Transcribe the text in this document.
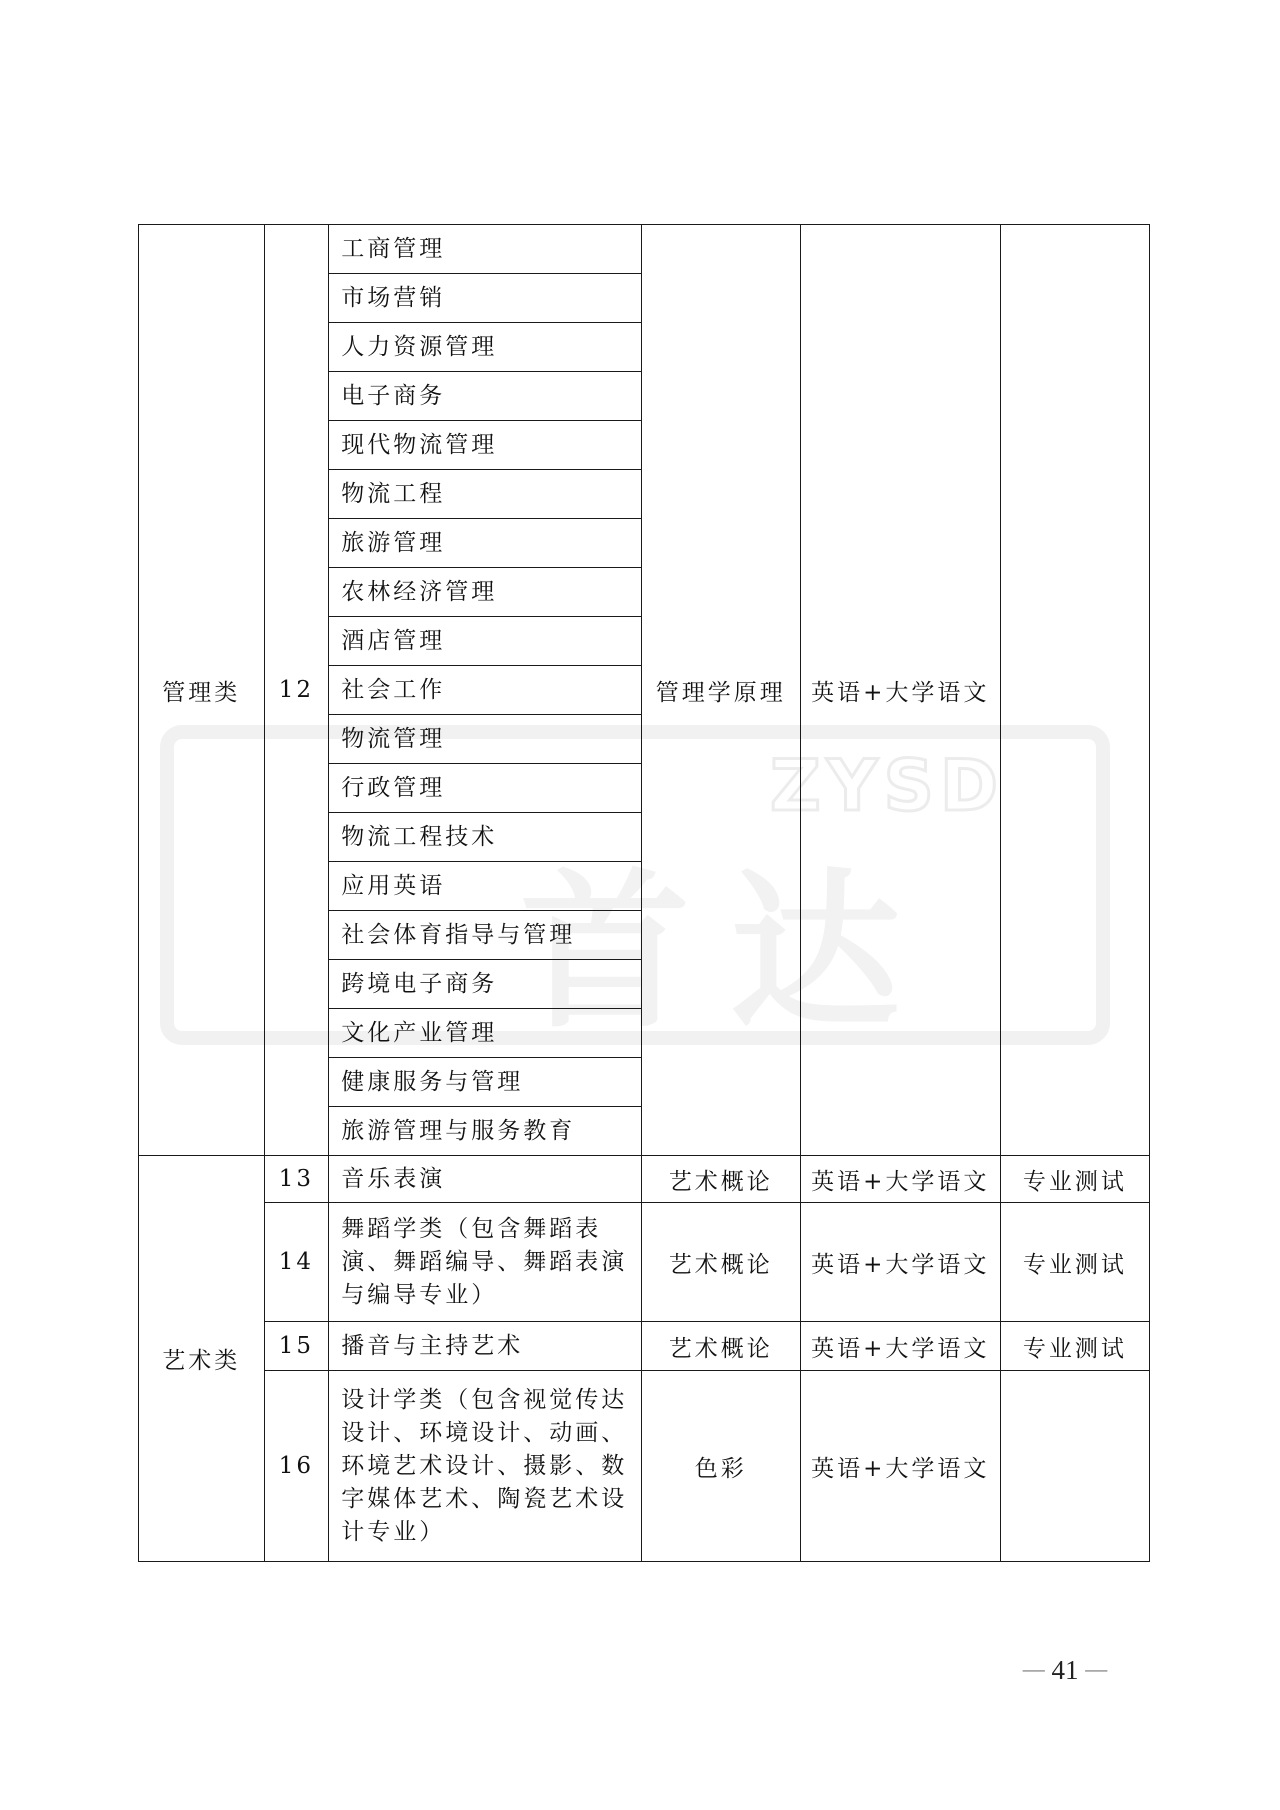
ZYSD
首达
管理类	12	工商管理	管理学原理	英语+大学语文	
		市场营销			
		人力资源管理			
		电子商务			
		现代物流管理			
		物流工程			
		旅游管理			
		农林经济管理			
		酒店管理			
		社会工作			
		物流管理			
		行政管理			
		物流工程技术			
		应用英语			
		社会体育指导与管理			
		跨境电子商务			
		文化产业管理			
		健康服务与管理			
		旅游管理与服务教育			
艺术类	13	音乐表演	艺术概论	英语+大学语文	专业测试
	14	舞蹈学类（包含舞蹈表演、舞蹈编导、舞蹈表演与编导专业）	艺术概论	英语+大学语文	专业测试
	15	播音与主持艺术	艺术概论	英语+大学语文	专业测试
	16	设计学类（包含视觉传达设计、环境设计、动画、环境艺术设计、摄影、数字媒体艺术、陶瓷艺术设计专业）	色彩	英语+大学语文	
— 41 —
